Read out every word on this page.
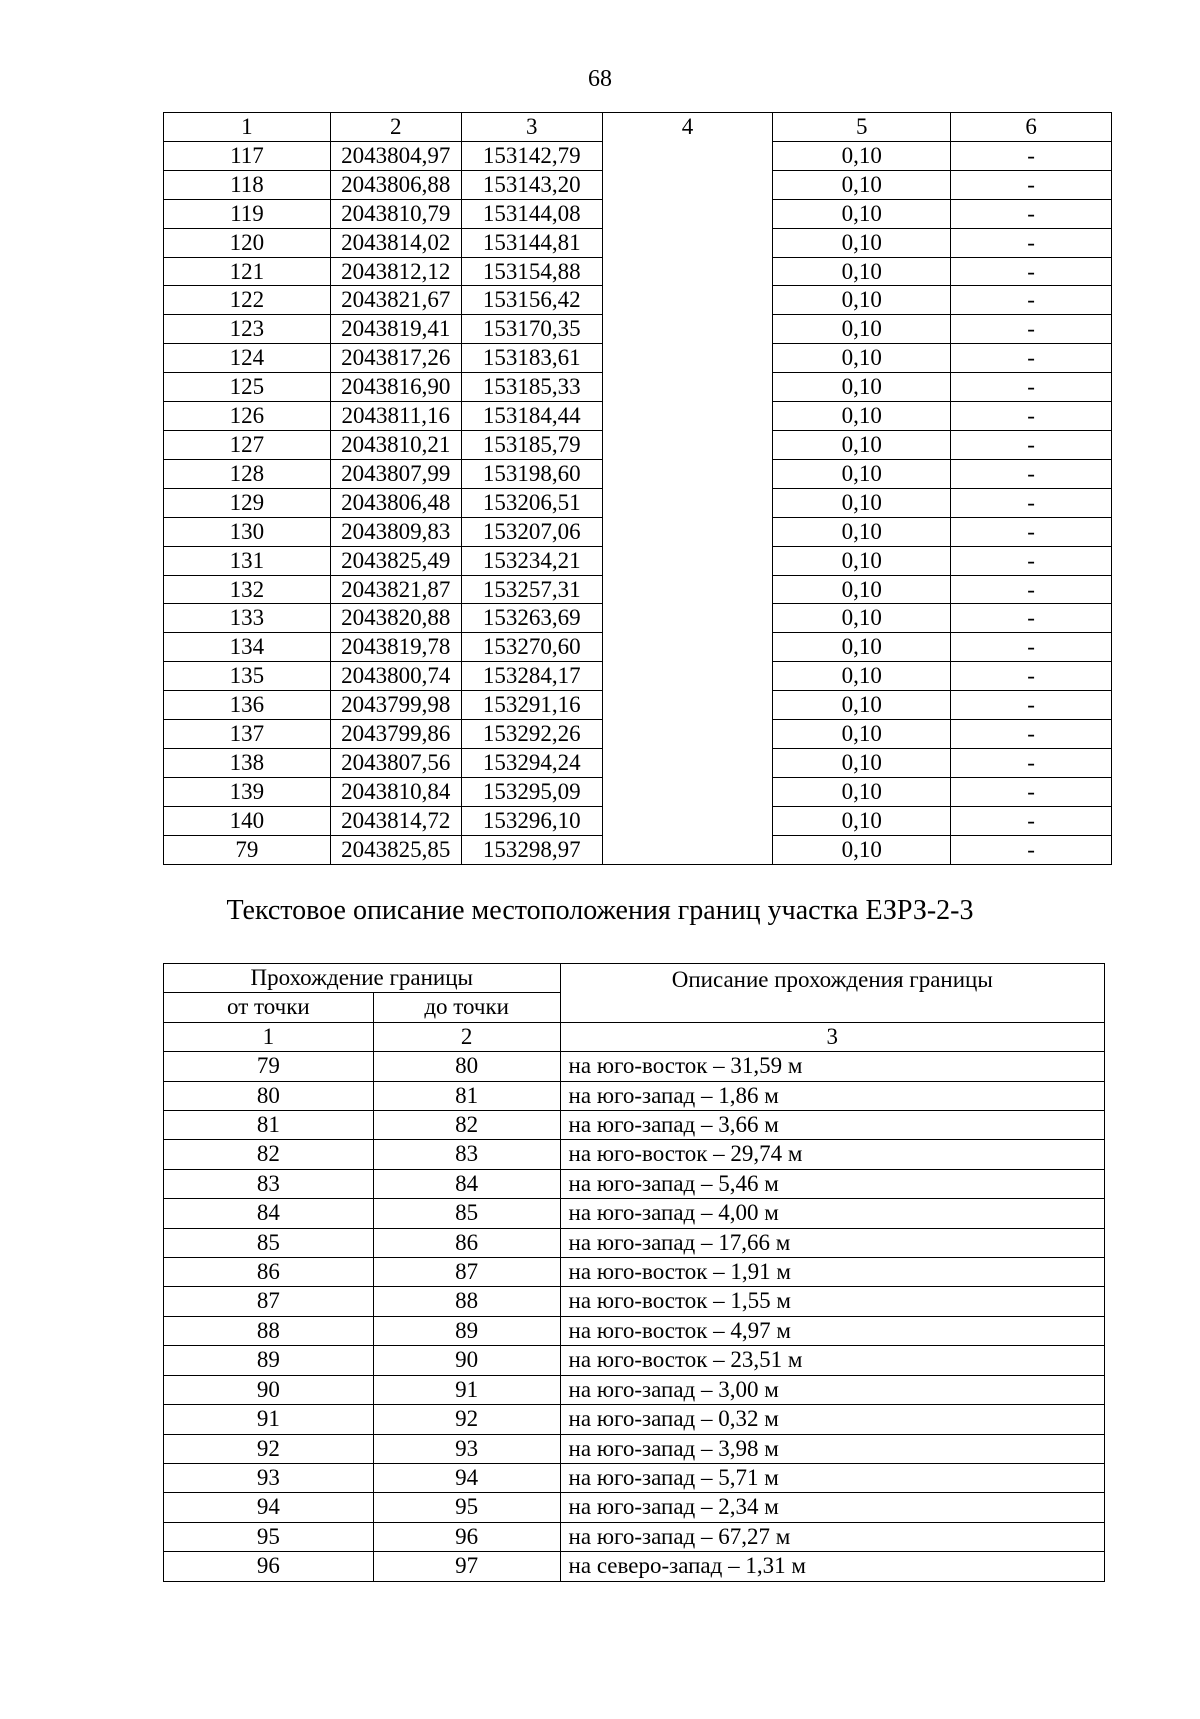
68
1	2	3	4	5	6
117	2043804,97	153142,79		0,10	-
118	2043806,88	153143,20		0,10	-
119	2043810,79	153144,08		0,10	-
120	2043814,02	153144,81		0,10	-
121	2043812,12	153154,88		0,10	-
122	2043821,67	153156,42		0,10	-
123	2043819,41	153170,35		0,10	-
124	2043817,26	153183,61		0,10	-
125	2043816,90	153185,33		0,10	-
126	2043811,16	153184,44		0,10	-
127	2043810,21	153185,79		0,10	-
128	2043807,99	153198,60		0,10	-
129	2043806,48	153206,51		0,10	-
130	2043809,83	153207,06		0,10	-
131	2043825,49	153234,21		0,10	-
132	2043821,87	153257,31		0,10	-
133	2043820,88	153263,69		0,10	-
134	2043819,78	153270,60		0,10	-
135	2043800,74	153284,17		0,10	-
136	2043799,98	153291,16		0,10	-
137	2043799,86	153292,26		0,10	-
138	2043807,56	153294,24		0,10	-
139	2043810,84	153295,09		0,10	-
140	2043814,72	153296,10		0,10	-
79	2043825,85	153298,97		0,10	-
Текстовое описание местоположения границ участка ЕЗРЗ-2-3
Прохождение границы		Описание прохождения границы
от точки	до точки	
1	2	3
79	80	на юго-восток – 31,59 м
80	81	на юго-запад – 1,86 м
81	82	на юго-запад – 3,66 м
82	83	на юго-восток – 29,74 м
83	84	на юго-запад – 5,46 м
84	85	на юго-запад – 4,00 м
85	86	на юго-запад – 17,66 м
86	87	на юго-восток – 1,91 м
87	88	на юго-восток – 1,55 м
88	89	на юго-восток – 4,97 м
89	90	на юго-восток – 23,51 м
90	91	на юго-запад – 3,00 м
91	92	на юго-запад – 0,32 м
92	93	на юго-запад – 3,98 м
93	94	на юго-запад – 5,71 м
94	95	на юго-запад – 2,34 м
95	96	на юго-запад – 67,27 м
96	97	на северо-запад – 1,31 м
